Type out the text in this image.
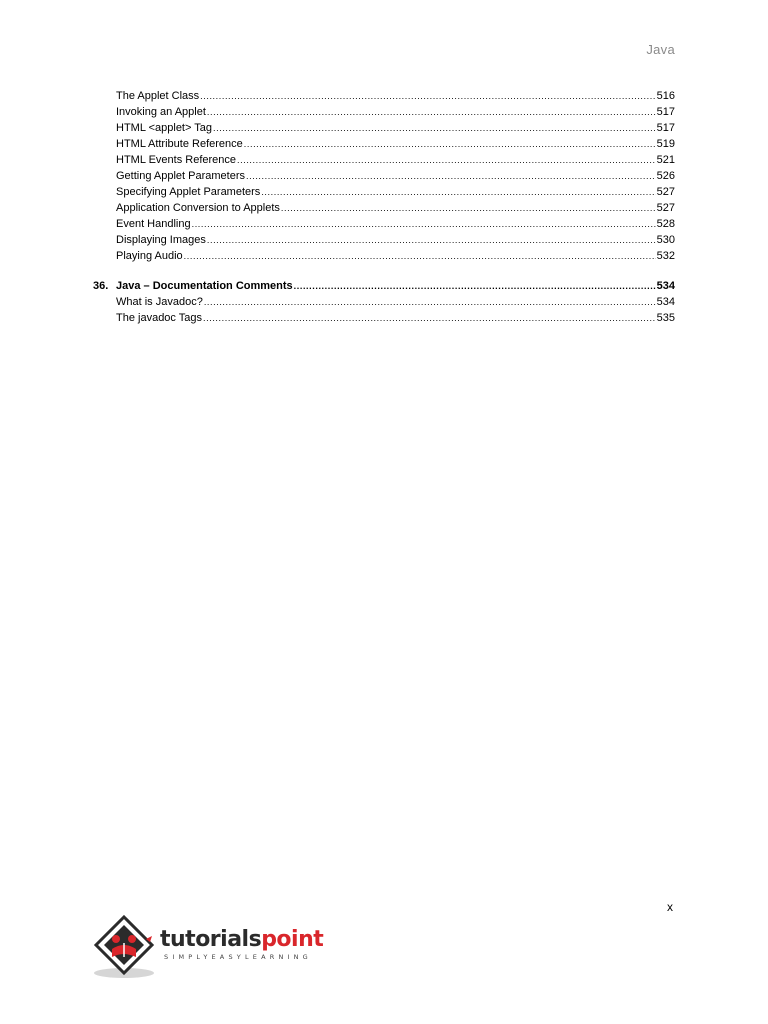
Java
The Applet Class .....	516
Invoking an Applet .....	517
HTML <applet> Tag .....	517
HTML Attribute Reference .....	519
HTML Events Reference .....	521
Getting Applet Parameters .....	526
Specifying Applet Parameters .....	527
Application Conversion to Applets .....	527
Event Handling .....	528
Displaying Images .....	530
Playing Audio .....	532
36. Java – Documentation Comments .....	534
What is Javadoc? .....	534
The javadoc Tags .....	535
x
tutorialspoint
SIMPLYEASYLEARNING
